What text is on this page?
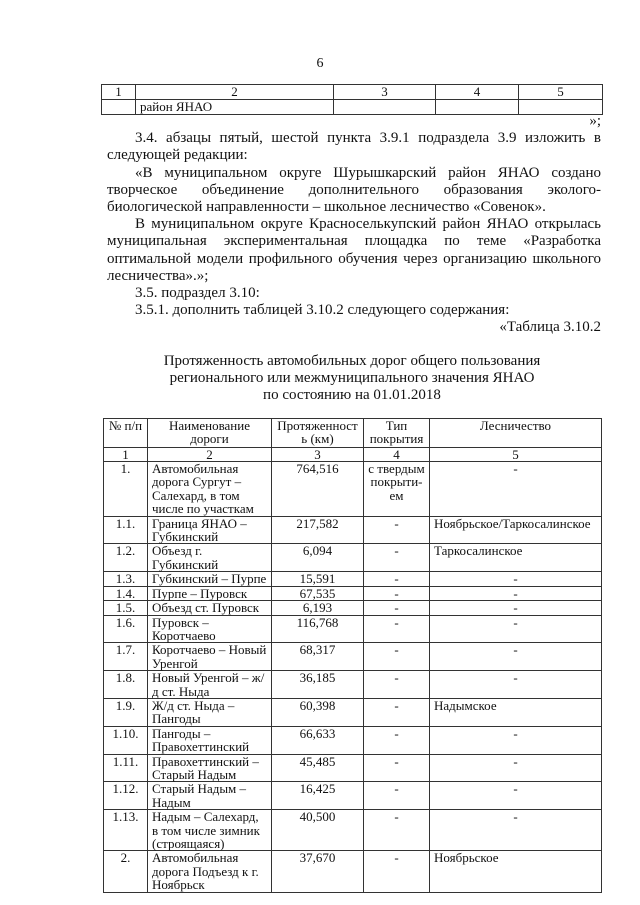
6
1	2	3	4	5
	район ЯНАО			

»;

3.4. абзацы пятый, шестой пункта 3.9.1 подраздела 3.9 изложить в следующей редакции:

«В муниципальном округе Шурышкарский район ЯНАО создано творческое объединение дополнительного образования эколого-биологической направленности – школьное лесничество «Совенок».

В муниципальном округе Красноселькупский район ЯНАО открылась муниципальная экспериментальная площадка по теме «Разработка оптимальной модели профильного обучения через организацию школьного лесничества».»;

3.5. подраздел 3.10:

3.5.1. дополнить таблицей 3.10.2 следующего содержания:

«Таблица 3.10.2

Протяженность автомобильных дорог общего пользования
регионального или межмуниципального значения ЯНАО
по состоянию на 01.01.2018
№ п/п	Наименование дороги	Протяженность (км)	Тип покрытия	Лесничество
1	2	3	4	5
1.	Автомобильная дорога Сургут – Салехард, в том числе по участкам	764,516	с твердым покрыти-ем	-
1.1.	Граница ЯНАО – Губкинский	217,582	-	Ноябрьское/Таркосалинское
1.2.	Объезд г. Губкинский	6,094	-	Таркосалинское
1.3.	Губкинский – Пурпе	15,591	-	-
1.4.	Пурпе – Пуровск	67,535	-	-
1.5.	Объезд ст. Пуровск	6,193	-	-
1.6.	Пуровск – Коротчаево	116,768	-	-
1.7.	Коротчаево – Новый Уренгой	68,317	-	-
1.8.	Новый Уренгой – ж/д ст. Ныда	36,185	-	-
1.9.	Ж/д ст. Ныда – Пангоды	60,398	-	Надымское
1.10.	Пангоды – Правохеттинский	66,633	-	-
1.11.	Правохеттинский – Старый Надым	45,485	-	-
1.12.	Старый Надым – Надым	16,425	-	-
1.13.	Надым – Салехард, в том числе зимник (строящаяся)	40,500	-	-
2.	Автомобильная дорога Подъезд к г. Ноябрьск	37,670	-	Ноябрьское
